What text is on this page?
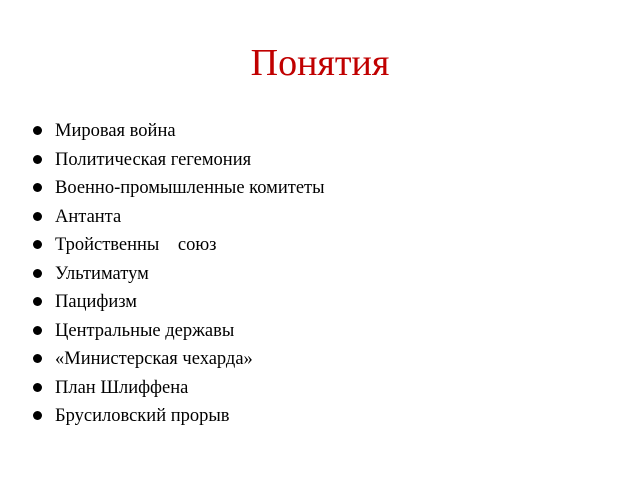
Понятия

Мировая война

Политическая гегемония

Военно-промышленные комитеты

Антанта

Тройственны    союз

Ультиматум

Пацифизм

Центральные державы

«Министерская чехарда»

План Шлиффена

Брусиловский прорыв
